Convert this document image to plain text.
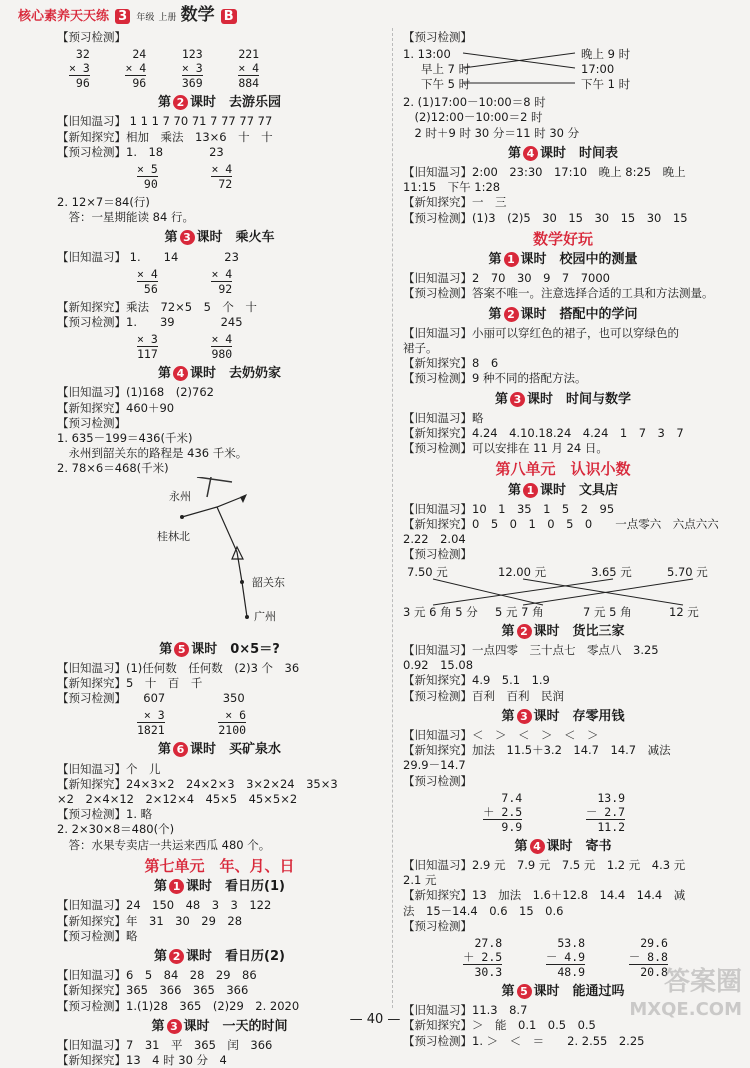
核心素养天天练 3 年级 上册 数学 B
【预习检测】
32
× 3
96

24
× 4
96

123
× 3
369

221
× 4
884
第 2 课时　去游乐园
【旧知温习】 1 1 1 7 70 71 7 77 77 77
【新知探究】相加　乘法　13×6　十　十
【预习检测】1.　18　　　　23
$\frac{\times 5}{90}$
	$\frac{\times 4}{72}$
2. 12×7＝84(行)
　答：一星期能读 84 行。
第 3 课时　乘火车
【旧知温习】 1.　　14　　　　23
$\frac{\times 4}{56}$
	$\frac{\times 4}{92}$
【新知探究】乘法　72×5　5　个　十
【预习检测】1.　　39　　　　245
$\frac{\times 3}{117}$
	$\frac{\times 4}{980}$
第 4 课时　去奶奶家
【旧知温习】(1)168　(2)762
【新知探究】460＋90
【预习检测】
1. 635－199＝436(千米)
　永州到韶关东的路程是 436 千米。
2. 78×6＝468(千米)
永州
桂林北
韶关东
广州
第 5 课时　0×5＝?
【旧知温习】(1)任何数　任何数　(2)3 个　36
【新知探究】5　十　百　千
【预习检测】　　607　　　　　350
$\frac{\times 3}{1821}$
	$\frac{\times 6}{2100}$
第 6 课时　买矿泉水
【旧知温习】个　儿
【新知探究】24×3×2　24×2×3　3×2×24　35×3
×2　2×4×12　2×12×4　45×5　45×5×2
【预习检测】1. 略
2. 2×30×8＝480(个)
　答：水果专卖店一共运来西瓜 480 个。
第七单元　年、月、日
第 1 课时　看日历(1)
【旧知温习】24　150　48　3　3　122
【新知探究】年　31　30　29　28
【预习检测】略
第 2 课时　看日历(2)
【旧知温习】6　5　84　28　29　86
【新知探究】365　366　365　366
【预习检测】1.(1)28　365　(2)29　2. 2020
第 3 课时　一天的时间
【旧知温习】7　31　平　365　闰　366
【新知探究】13　4 时 30 分　4
【预习检测】
1. 13:00
早上 7 时
下午 5 时
晚上 9 时
17:00
下午 1 时
2. (1)17:00－10:00＝8 时
　(2)12:00－10:00＝2 时
　2 时＋9 时 30 分＝11 时 30 分
第 4 课时　时间表
【旧知温习】2:00　23:30　17:10　晚上 8:25　晚上
11:15　下午 1:28
【新知探究】一　三
【预习检测】(1)3　(2)5　30　15　30　15　30　15
数学好玩
第 1 课时　校园中的测量
【旧知温习】2　70　30　9　7　7000
【预习检测】答案不唯一。注意选择合适的工具和方法测量。
第 2 课时　搭配中的学问
【旧知温习】小丽可以穿红色的裙子，也可以穿绿色的
裙子。
【新知探究】8　6
【预习检测】9 种不同的搭配方法。
第 3 课时　时间与数学
【旧知温习】略
【新知探究】4.24　4.10.18.24　4.24　1　7　3　7
【预习检测】可以安排在 11 月 24 日。
第八单元　认识小数
第 1 课时　文具店
【旧知温习】10　1　35　1　5　2　95
【新知探究】0　5　0　1　0　5　0　　一点零六　六点六六
2.22　2.04
【预习检测】
7.50 元	12.00 元	3.65 元	5.70 元
3 元 6 角 5 分 5 元 7 角	7 元 5 角	12 元
第 2 课时　货比三家
【旧知温习】一点四零　三十点七　零点八　3.25
0.92　15.08
【新知探究】4.9　5.1　1.9
【预习检测】百利　百利　民润
第 3 课时　存零用钱
【旧知温习】＜　＞　＜　＞　＜　＞
【新知探究】加法　11.5＋3.2　14.7　14.7　减法
29.9－14.7
【预习检测】
7.4
＋ 2.5
9.9

13.9
－ 2.7
11.2
第 4 课时　寄书
【旧知温习】2.9 元　7.9 元　7.5 元　1.2 元　4.3 元
2.1 元
【新知探究】13　加法　1.6＋12.8　14.4　14.4　减
法　15－14.4　0.6　15　0.6
【预习检测】
27.8
＋ 2.5
30.3

53.8
－ 4.9
48.9

29.6
－ 8.8
20.8
第 5 课时　能通过吗
【旧知温习】11.3　8.7
【新知探究】＞　能　0.1　0.5　0.5
【预习检测】1. ＞　＜　＝　　2. 2.55　2.25
答案圈
MXQE.COM
— 40 —
